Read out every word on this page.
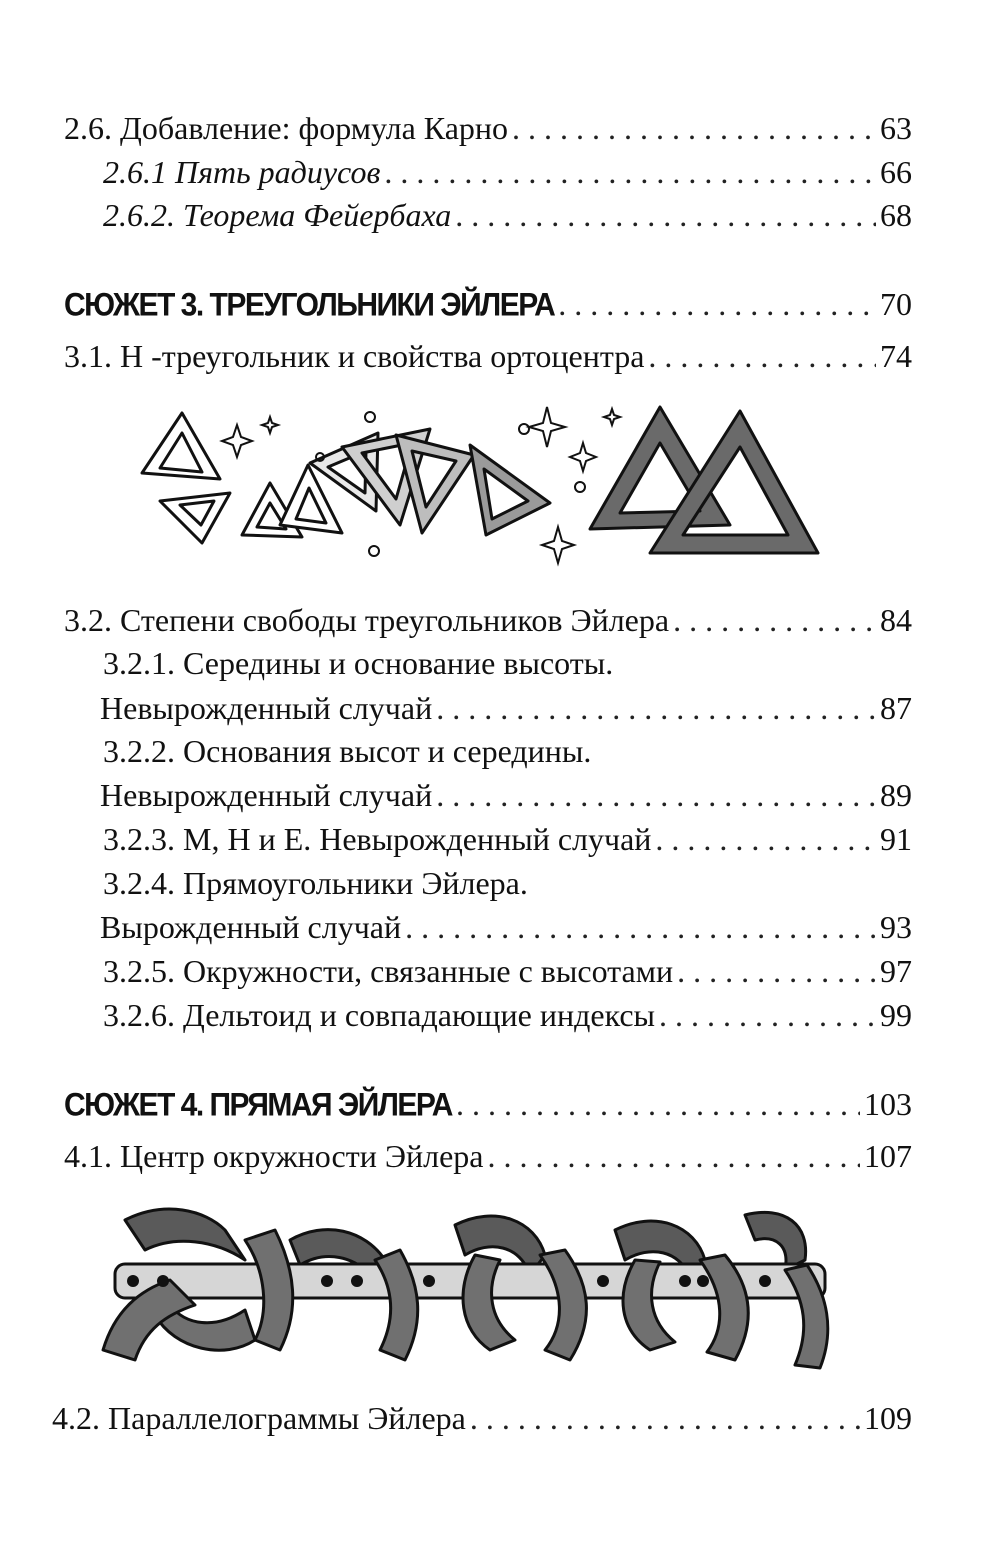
2.6. Добавление: формула Карно . . .	63
2.6.1 Пять радиусов . . .	66
2.6.2. Теорема Фейербаха . . .	68
СЮЖЕТ 3. ТРЕУГОЛЬНИКИ ЭЙЛЕРА . . .	70
3.1. Н -треугольник и свойства ортоцентра . . .	74
3.2. Степени свободы треугольников Эйлера . . .	84
3.2.1. Середины и основание высоты.
Невырожденный случай . . .	87
3.2.2. Основания высот и середины.
Невырожденный случай . . .	89
3.2.3. М, Н и Е. Невырожденный случай . . .	91
3.2.4. Прямоугольники Эйлера.
Вырожденный случай . . .	93
3.2.5. Окружности, связанные с высотами . . .	97
3.2.6. Дельтоид и совпадающие индексы . . .	99
СЮЖЕТ 4. ПРЯМАЯ ЭЙЛЕРА . . .	103
4.1. Центр окружности Эйлера . . .	107
4.2. Параллелограммы Эйлера . . .	109
